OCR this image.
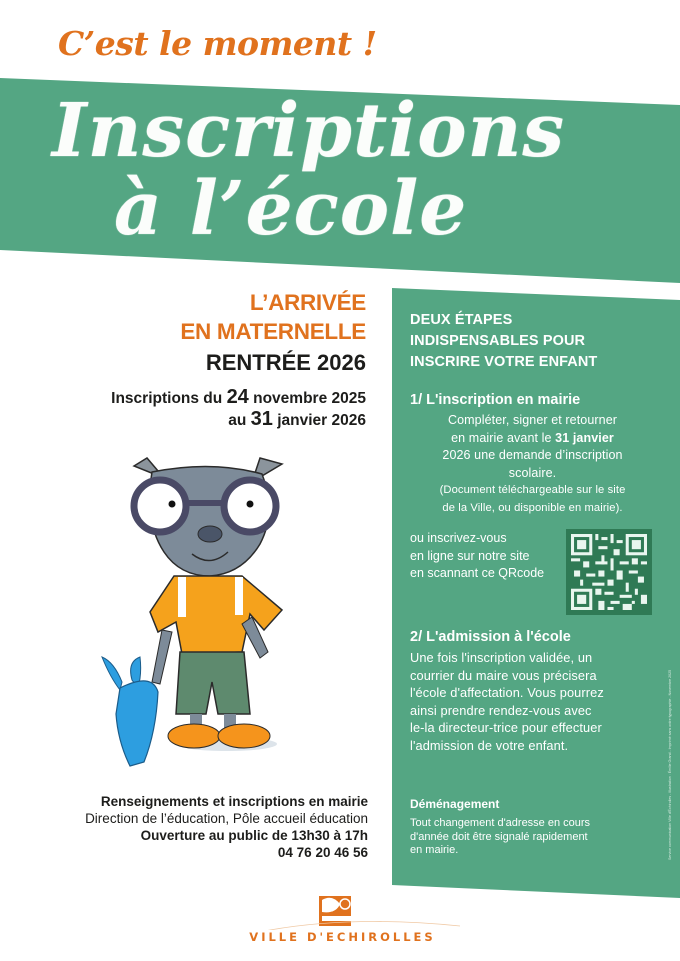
C’est le moment !
Inscriptions
à l’école
L’ARRIVÉE
EN MATERNELLE
RENTRÉE 2026
Inscriptions du 24 novembre 2025
au 31 janvier 2026
Renseignements et inscriptions en mairie
Direction de l’éducation, Pôle accueil éducation
Ouverture au public de 13h30 à 17h
04 76 20 46 56
VILLE D'ECHIROLLES
DEUX ÉTAPES
INDISPENSABLES POUR
INSCRIRE VOTRE ENFANT
1/ L'inscription en mairie
Compléter, signer et retourner
en mairie avant le 31 janvier
2026 une demande d’inscription
scolaire.
(Document téléchargeable sur le site
de la Ville, ou disponible en mairie).
ou inscrivez-vous
en ligne sur notre site
en scannant ce QRcode
2/ L'admission à l'école
Une fois l'inscription validée, un
courrier du maire vous précisera
l'école d'affectation. Vous pourrez
ainsi prendre rendez-vous avec
le-la directeur-trice pour effectuer
l'admission de votre enfant.
Déménagement
Tout changement d'adresse en cours
d'année doit être signalé rapidement
en mairie.	Service communication Ville d'Échirolles - Illustration : Émilie Grand - Imprimé sans ordre typographie - Novembre 2025
